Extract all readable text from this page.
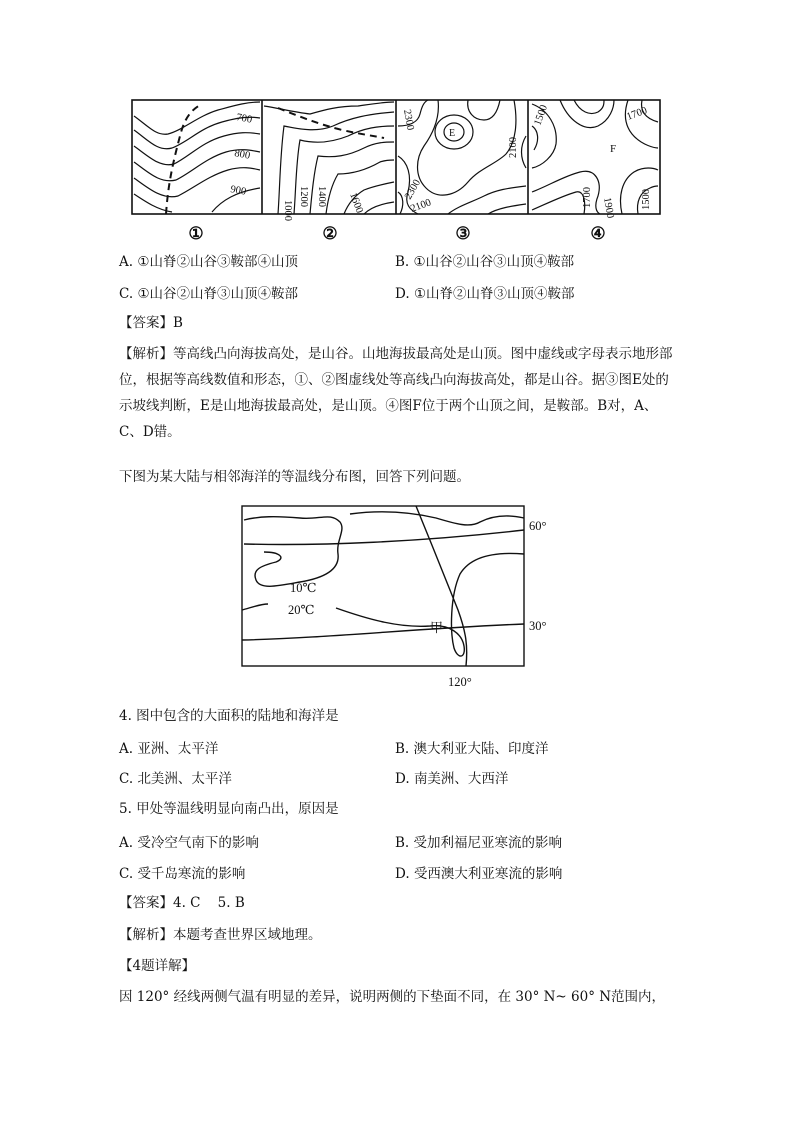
700
800
900
1000
1200 1400 1600
2300
E
2100
2300
2100
1500	1700
F
1700 1900 1500
①	②	③	④
A. ①山脊②山谷③鞍部④山顶	B. ①山谷②山谷③山顶④鞍部
C. ①山谷②山脊③山顶④鞍部	D. ①山脊②山脊③山顶④鞍部
【答案】B
【解析】等高线凸向海拔高处，是山谷。山地海拔最高处是山顶。图中虚线或字母表示地形部位，根据等高线数值和形态，①、②图虚线处等高线凸向海拔高处，都是山谷。据③图E处的示坡线判断，E是山地海拔最高处，是山顶。④图F位于两个山顶之间，是鞍部。B对，A、C、D错。
下图为某大陆与相邻海洋的等温线分布图，回答下列问题。
60°
30°
120°
10℃
20℃
甲
4. 图中包含的大面积的陆地和海洋是
A. 亚洲、太平洋	B. 澳大利亚大陆、印度洋
C. 北美洲、太平洋	D. 南美洲、大西洋
5. 甲处等温线明显向南凸出，原因是
A. 受冷空气南下的影响	B. 受加利福尼亚寒流的影响
C. 受千岛寒流的影响	D. 受西澳大利亚寒流的影响
【答案】4. C    5. B
【解析】本题考查世界区域地理。
【4题详解】
因 120° 经线两侧气温有明显的差异，说明两侧的下垫面不同，在 30° N~ 60° N范围内，
